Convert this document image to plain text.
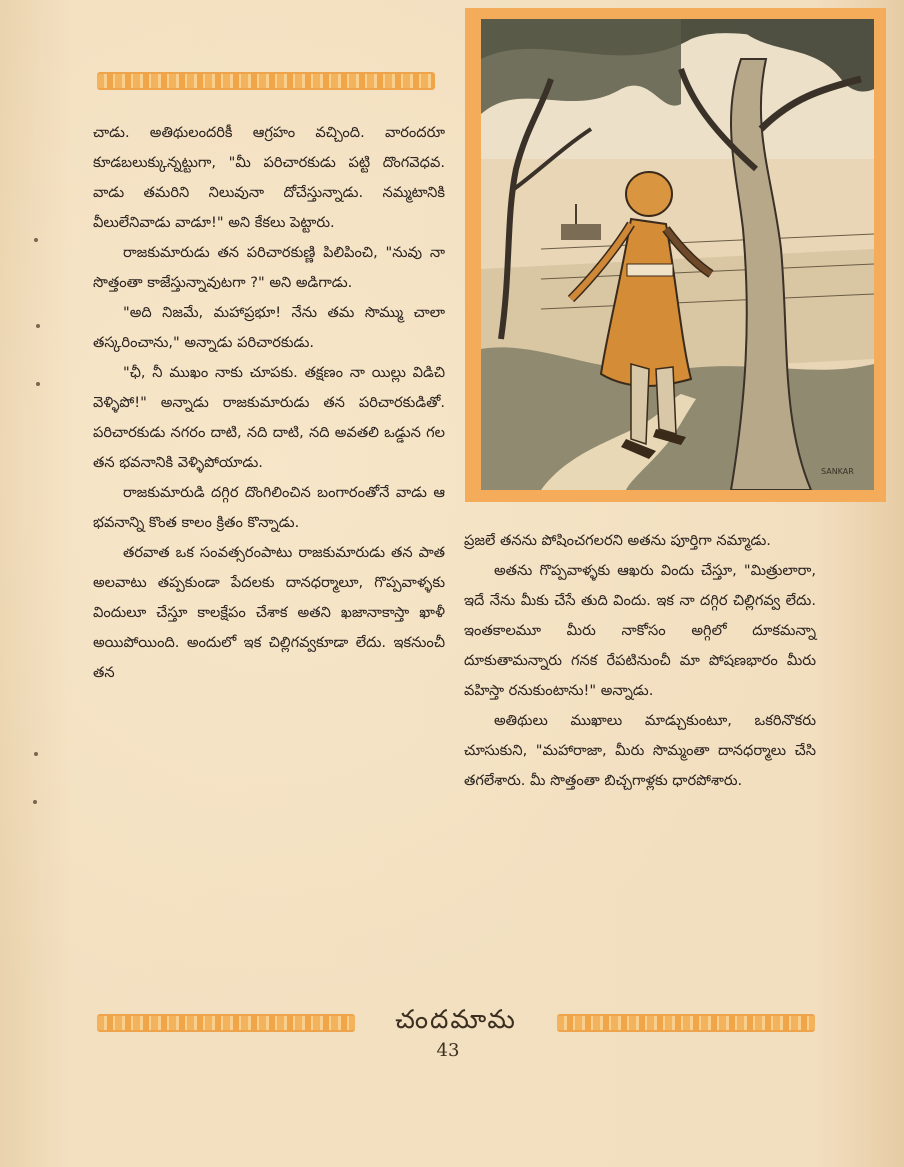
చాడు. అతిథులందరికీ ఆగ్రహం వచ్చింది. వారందరూ కూడబలుక్కున్నట్టుగా, "మీ పరిచారకుడు పట్టి దొంగవెధవ. వాడు తమరిని నిలువునా దోచేస్తున్నాడు. నమ్మటానికి వీలులేనివాడు వాడూ!" అని కేకలు పెట్టారు.

రాజకుమారుడు తన పరిచారకుణ్ణి పిలిపించి, "నువు నా సొత్తంతా కాజేస్తున్నావుటగా ?" అని అడిగాడు.

"అది నిజమే, మహాప్రభూ! నేను తమ సొమ్ము చాలా తస్కరించాను," అన్నాడు పరిచారకుడు.

"ఛీ, నీ ముఖం నాకు చూపకు. తక్షణం నా యిల్లు విడిచి వెళ్ళిపో!" అన్నాడు రాజకుమారుడు తన పరిచారకుడితో. పరిచారకుడు నగరం దాటి, నది దాటి, నది అవతలి ఒడ్డున గల తన భవనానికి వెళ్ళిపోయాడు.

రాజకుమారుడి దగ్గిర దొంగిలించిన బంగారంతోనే వాడు ఆ భవనాన్ని కొంత కాలం క్రితం కొన్నాడు.

తరవాత ఒక సంవత్సరంపాటు రాజకుమారుడు తన పాత అలవాటు తప్పకుండా పేదలకు దానధర్మాలూ, గొప్పవాళ్ళకు విందులూ చేస్తూ కాలక్షేపం చేశాక అతని ఖజానాకాస్తా ఖాళీ అయిపోయింది. అందులో ఇక చిల్లిగవ్వకూడా లేదు. ఇకనుంచీ తన

SANKAR

ప్రజలే తనను పోషించగలరని అతను పూర్తిగా నమ్మాడు.

అతను గొప్పవాళ్ళకు ఆఖరు విందు చేస్తూ, "మిత్రులారా, ఇదే నేను మీకు చేసే తుది విందు. ఇక నా దగ్గిర చిల్లిగవ్వ లేదు. ఇంతకాలమూ మీరు నాకోసం అగ్గిలో దూకమన్నా దూకుతామన్నారు గనక రేపటినుంచీ మా పోషణభారం మీరు వహిస్తా రనుకుంటాను!" అన్నాడు.

అతిథులు ముఖాలు మాడ్చుకుంటూ, ఒకరినొకరు చూసుకుని, "మహారాజా, మీరు సొమ్మంతా దానధర్మాలు చేసి తగలేశారు. మీ సొత్తంతా బిచ్చగాళ్లకు ధారపోశారు.

చందమామ
43
